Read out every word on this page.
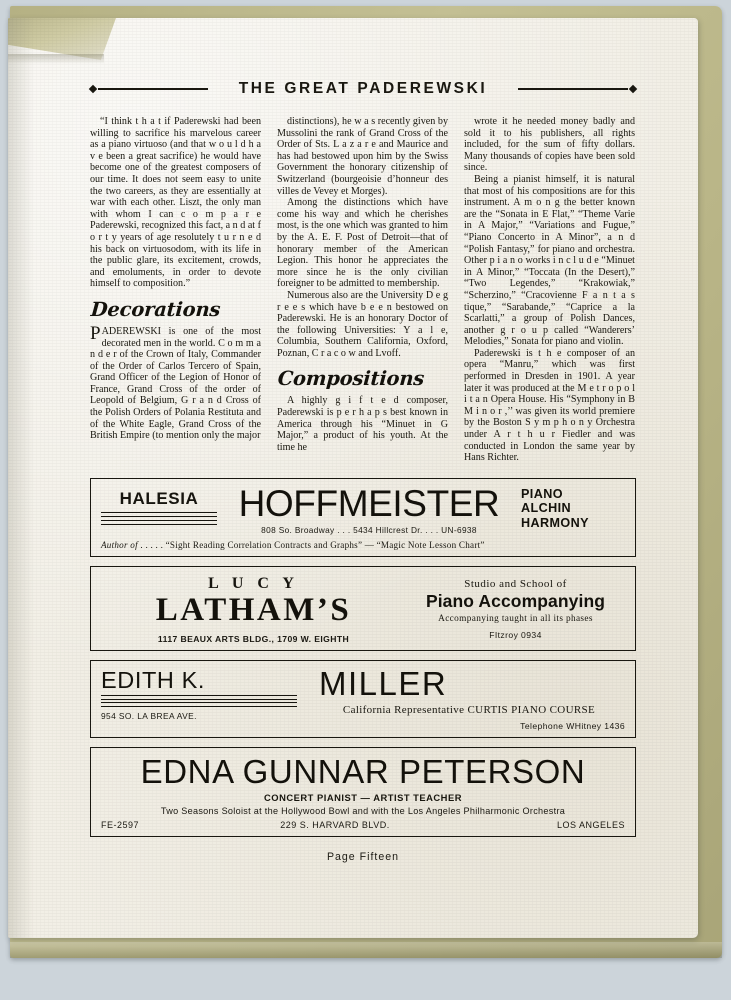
THE GREAT PADEREWSKI

“I think t h a t if Paderewski had been willing to sacrifice his marvelous career as a piano virtuoso (and that w o u l d h a v e been a great sacrifice) he would have become one of the greatest composers of our time. It does not seem easy to unite the two careers, as they are essentially at war with each other. Liszt, the only man with whom I can c o m p a r e Paderewski, recognized this fact, a n d at f o r t y years of age resolutely t u r n e d his back on virtuosodom, with its life in the public glare, its excitement, crowds, and emoluments, in order to devote himself to composition.”

Decorations

PADEREWSKI is one of the most decorated men in the world. C o m m a n d e r of the Crown of Italy, Commander of the Order of Carlos Tercero of Spain, Grand Officer of the Legion of Honor of France, Grand Cross of the order of Leopold of Belgium, G r a n d Cross of the Polish Orders of Polania Restituta and of the White Eagle, Grand Cross of the British Empire (to mention only the major

distinctions), he w a s recently given by Mussolini the rank of Grand Cross of the Order of Sts. L a z a r e and Maurice and has had bestowed upon him by the Swiss Government the honorary citizenship of Switzerland (bourgeoisie d’honneur des villes de Vevey et Morges).

Among the distinctions which have come his way and which he cherishes most, is the one which was granted to him by the A. E. F. Post of Detroit—that of honorary member of the American Legion. This honor he appreciates the more since he is the only civilian foreigner to be admitted to membership.

Numerous also are the University D e g r e e s which have b e e n bestowed on Paderewski. He is an honorary Doctor of the following Universities: Y a l e, Columbia, Southern California, Oxford, Poznan, C r a c o w and Lvoff.

Compositions

A highly g i f t e d composer, Paderewski is p e r h a p s best known in America through his “Minuet in G Major,” a product of his youth. At the time he

wrote it he needed money badly and sold it to his publishers, all rights included, for the sum of fifty dollars. Many thousands of copies have been sold since.

Being a pianist himself, it is natural that most of his compositions are for this instrument. A m o n g the better known are the “Sonata in E Flat,” “Theme Varie in A Major,” “Variations and Fugue,” “Piano Concerto in A Minor”, a n d “Polish Fantasy,” for piano and orchestra. Other p i a n o works i n c l u d e “Minuet in A Minor,” “Toccata (In the Desert),” “Two Legendes,” “Krakowiak,” “Scherzino,” “Cracovienne F a n t a s tique,” “Sarabande,” “Caprice a la Scarlatti,” a group of Polish Dances, another g r o u p called “Wanderers’ Melodies,” Sonata for piano and violin.

Paderewski is t h e composer of an opera “Manru,” which was first performed in Dresden in 1901. A year later it was produced at the M e t r o p o l i t a n Opera House. His “Symphony in B M i n o r ,’’ was given its world premiere by the Boston S y m p h o n y Orchestra under A r t h u r Fiedler and was conducted in London the same year by Hans Richter.

HALESIA	HOFFMEISTER
808 So. Broadway . . . 5434 Hillcrest Dr. . . . UN-6938
PIANO
ALCHIN
HARMONY
Author of . . . . . “Sight Reading Correlation Contracts and Graphs” — “Magic Note Lesson Chart”
L U C Y
LATHAM’S
1117 BEAUX ARTS BLDG., 1709 W. EIGHTH
Studio and School of
Piano Accompanying
Accompanying taught in all its phases
FItzroy 0934
EDITH K.
954 SO. LA BREA AVE.
MILLER
California Representative CURTIS PIANO COURSE
Telephone WHitney 1436
EDNA GUNNAR PETERSON
CONCERT PIANIST — ARTIST TEACHER
Two Seasons Soloist at the Hollywood Bowl and with the Los Angeles Philharmonic Orchestra
FE-2597	229 S. HARVARD BLVD.	LOS ANGELES
Page Fifteen
